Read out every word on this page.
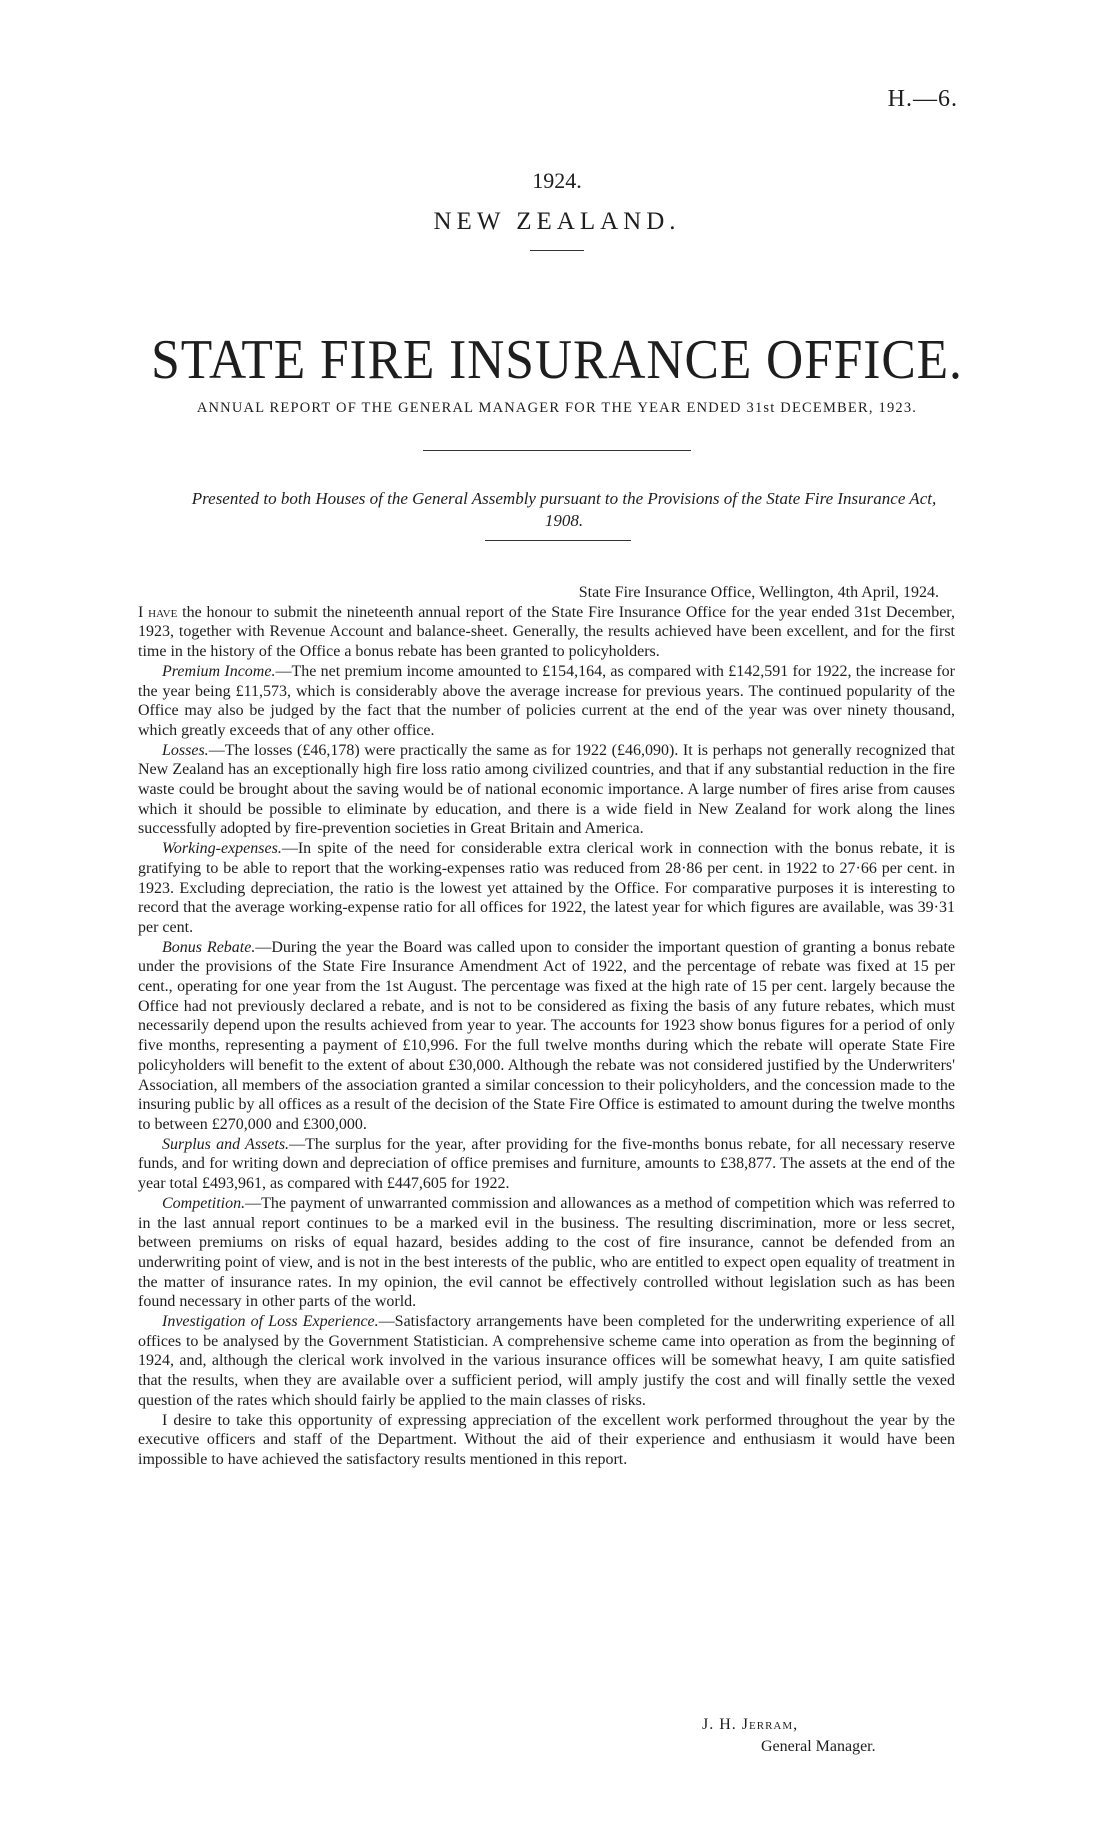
H.—6.
1924.
NEW ZEALAND.
STATE FIRE INSURANCE OFFICE.
ANNUAL REPORT OF THE GENERAL MANAGER FOR THE YEAR ENDED 31st DECEMBER, 1923.
Presented to both Houses of the General Assembly pursuant to the Provisions of the State Fire Insurance Act, 1908.

State Fire Insurance Office, Wellington, 4th April, 1924.

I have the honour to submit the nineteenth annual report of the State Fire Insurance Office for the year ended 31st December, 1923, together with Revenue Account and balance-sheet. Generally, the results achieved have been excellent, and for the first time in the history of the Office a bonus rebate has been granted to policyholders.

Premium Income.—The net premium income amounted to £154,164, as compared with £142,591 for 1922, the increase for the year being £11,573, which is considerably above the average increase for previous years. The continued popularity of the Office may also be judged by the fact that the number of policies current at the end of the year was over ninety thousand, which greatly exceeds that of any other office.

Losses.—The losses (£46,178) were practically the same as for 1922 (£46,090). It is perhaps not generally recognized that New Zealand has an exceptionally high fire loss ratio among civilized countries, and that if any substantial reduction in the fire waste could be brought about the saving would be of national economic importance. A large number of fires arise from causes which it should be possible to eliminate by education, and there is a wide field in New Zealand for work along the lines successfully adopted by fire-prevention societies in Great Britain and America.

Working-expenses.—In spite of the need for considerable extra clerical work in connection with the bonus rebate, it is gratifying to be able to report that the working-expenses ratio was reduced from 28·86 per cent. in 1922 to 27·66 per cent. in 1923. Excluding depreciation, the ratio is the lowest yet attained by the Office. For comparative purposes it is interesting to record that the average working-expense ratio for all offices for 1922, the latest year for which figures are available, was 39·31 per cent.

Bonus Rebate.—During the year the Board was called upon to consider the important question of granting a bonus rebate under the provisions of the State Fire Insurance Amendment Act of 1922, and the percentage of rebate was fixed at 15 per cent., operating for one year from the 1st August. The percentage was fixed at the high rate of 15 per cent. largely because the Office had not previously declared a rebate, and is not to be considered as fixing the basis of any future rebates, which must necessarily depend upon the results achieved from year to year. The accounts for 1923 show bonus figures for a period of only five months, representing a payment of £10,996. For the full twelve months during which the rebate will operate State Fire policyholders will benefit to the extent of about £30,000. Although the rebate was not considered justified by the Underwriters' Association, all members of the association granted a similar concession to their policyholders, and the concession made to the insuring public by all offices as a result of the decision of the State Fire Office is estimated to amount during the twelve months to between £270,000 and £300,000.

Surplus and Assets.—The surplus for the year, after providing for the five-months bonus rebate, for all necessary reserve funds, and for writing down and depreciation of office premises and furniture, amounts to £38,877. The assets at the end of the year total £493,961, as compared with £447,605 for 1922.

Competition.—The payment of unwarranted commission and allowances as a method of competition which was referred to in the last annual report continues to be a marked evil in the business. The resulting discrimination, more or less secret, between premiums on risks of equal hazard, besides adding to the cost of fire insurance, cannot be defended from an underwriting point of view, and is not in the best interests of the public, who are entitled to expect open equality of treatment in the matter of insurance rates. In my opinion, the evil cannot be effectively controlled without legislation such as has been found necessary in other parts of the world.

Investigation of Loss Experience.—Satisfactory arrangements have been completed for the underwriting experience of all offices to be analysed by the Government Statistician. A comprehensive scheme came into operation as from the beginning of 1924, and, although the clerical work involved in the various insurance offices will be somewhat heavy, I am quite satisfied that the results, when they are available over a sufficient period, will amply justify the cost and will finally settle the vexed question of the rates which should fairly be applied to the main classes of risks.

I desire to take this opportunity of expressing appreciation of the excellent work performed throughout the year by the executive officers and staff of the Department. Without the aid of their experience and enthusiasm it would have been impossible to have achieved the satisfactory results mentioned in this report.

J. H. Jerram,
General Manager.
